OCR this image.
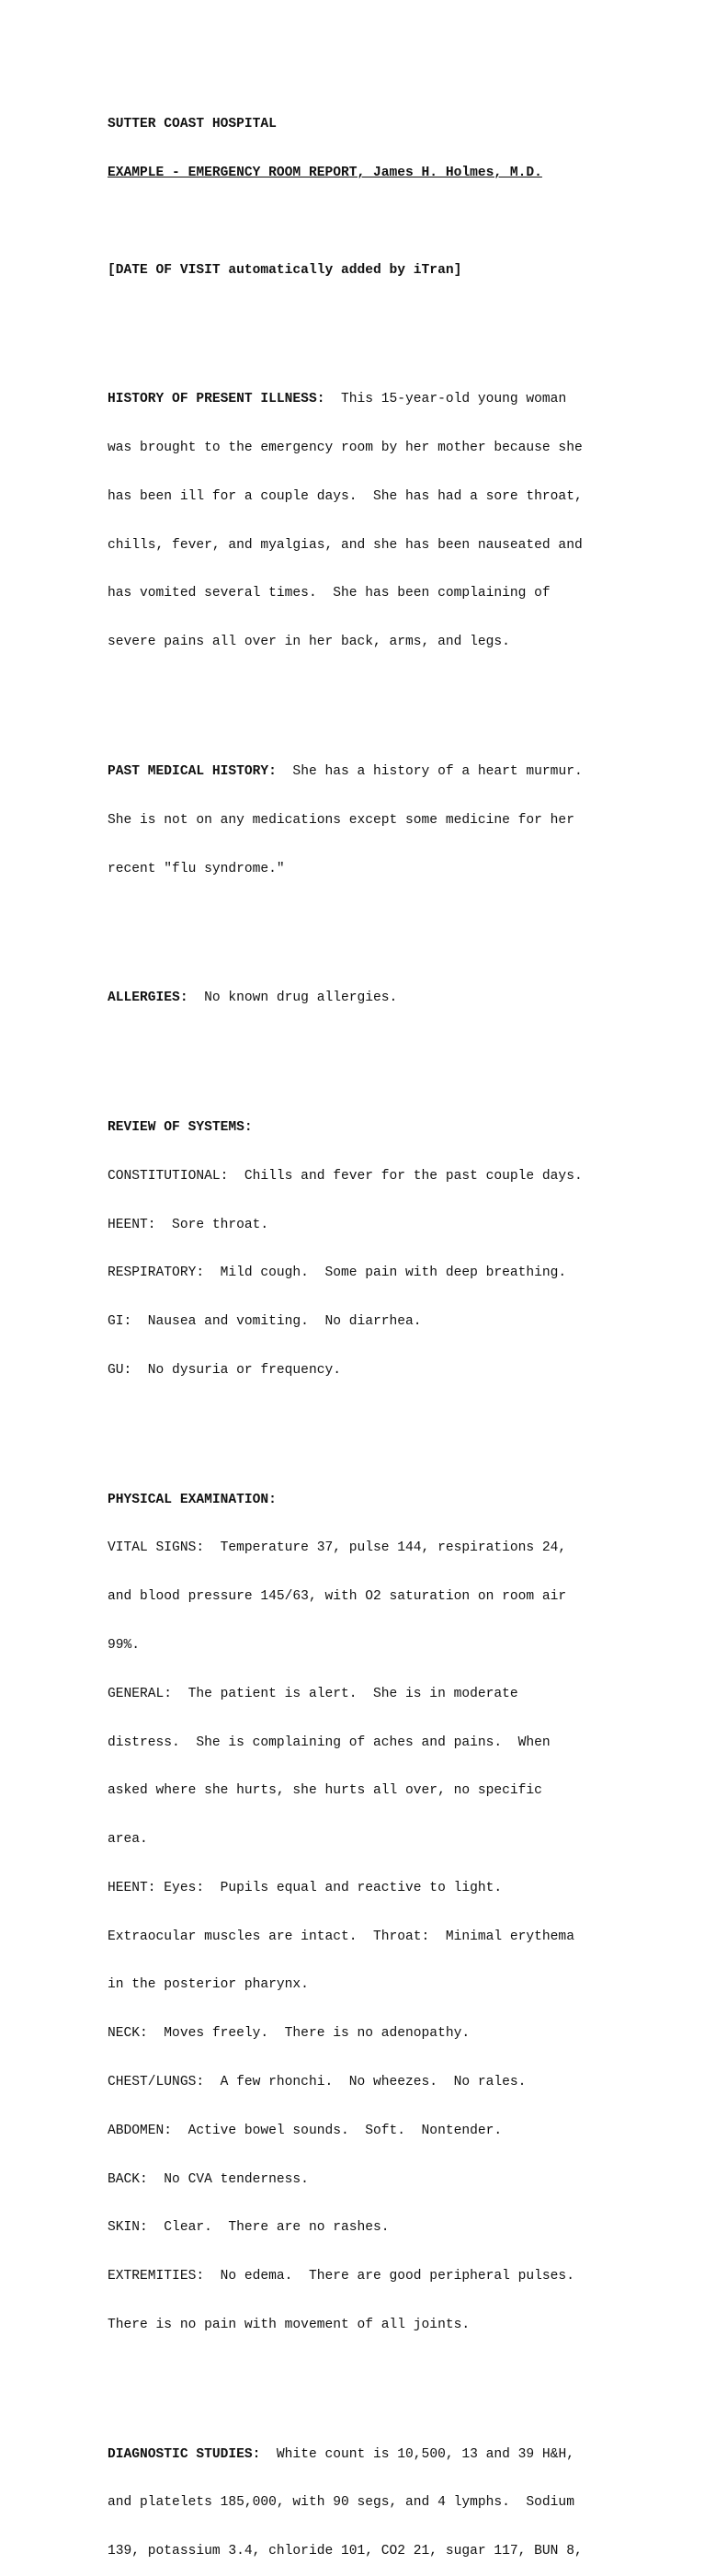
SUTTER COAST HOSPITAL

EXAMPLE - EMERGENCY ROOM REPORT, James H. Holmes, M.D.

[DATE OF VISIT automatically added by iTran]

HISTORY OF PRESENT ILLNESS:  This 15-year-old young woman

was brought to the emergency room by her mother because she

has been ill for a couple days.  She has had a sore throat,

chills, fever, and myalgias, and she has been nauseated and

has vomited several times.  She has been complaining of

severe pains all over in her back, arms, and legs.

PAST MEDICAL HISTORY:  She has a history of a heart murmur.

She is not on any medications except some medicine for her

recent "flu syndrome."

ALLERGIES:  No known drug allergies.

REVIEW OF SYSTEMS:

CONSTITUTIONAL:  Chills and fever for the past couple days.

HEENT:  Sore throat.

RESPIRATORY:  Mild cough.  Some pain with deep breathing.

GI:  Nausea and vomiting.  No diarrhea.

GU:  No dysuria or frequency.

PHYSICAL EXAMINATION:

VITAL SIGNS:  Temperature 37, pulse 144, respirations 24,

and blood pressure 145/63, with O2 saturation on room air

99%.

GENERAL:  The patient is alert.  She is in moderate

distress.  She is complaining of aches and pains.  When

asked where she hurts, she hurts all over, no specific

area.

HEENT: Eyes:  Pupils equal and reactive to light.

Extraocular muscles are intact.  Throat:  Minimal erythema

in the posterior pharynx.

NECK:  Moves freely.  There is no adenopathy.

CHEST/LUNGS:  A few rhonchi.  No wheezes.  No rales.

ABDOMEN:  Active bowel sounds.  Soft.  Nontender.

BACK:  No CVA tenderness.

SKIN:  Clear.  There are no rashes.

EXTREMITIES:  No edema.  There are good peripheral pulses.

There is no pain with movement of all joints.

DIAGNOSTIC STUDIES:  White count is 10,500, 13 and 39 H&H,

and platelets 185,000, with 90 segs, and 4 lymphs.  Sodium

139, potassium 3.4, chloride 101, CO2 21, sugar 117, BUN 8,
